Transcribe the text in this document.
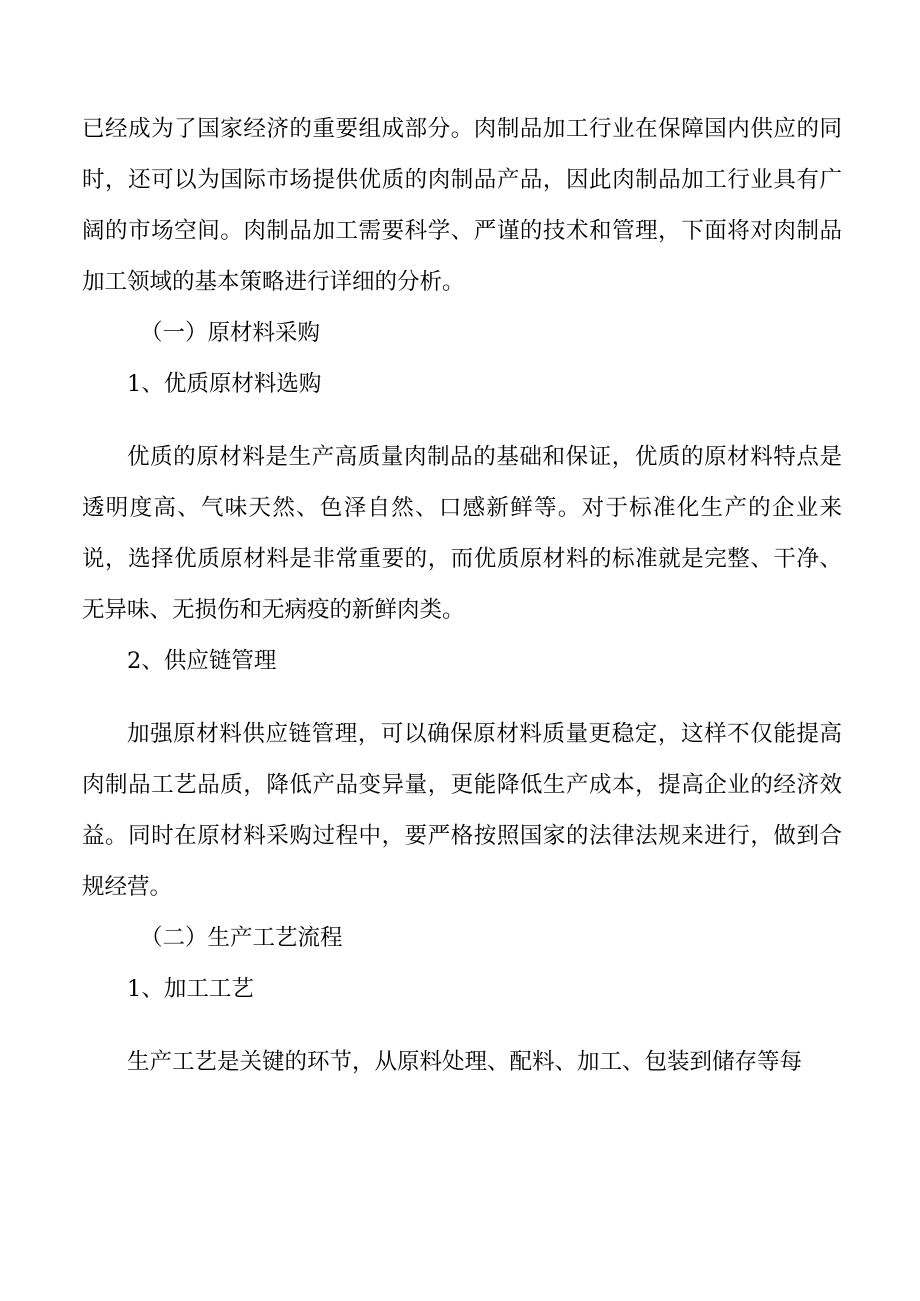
已经成为了国家经济的重要组成部分。肉制品加工行业在保障国内供应的同时，还可以为国际市场提供优质的肉制品产品，因此肉制品加工行业具有广阔的市场空间。肉制品加工需要科学、严谨的技术和管理，下面将对肉制品加工领域的基本策略进行详细的分析。

（一）原材料采购

1、优质原材料选购

优质的原材料是生产高质量肉制品的基础和保证，优质的原材料特点是透明度高、气味天然、色泽自然、口感新鲜等。对于标准化生产的企业来说，选择优质原材料是非常重要的，而优质原材料的标准就是完整、干净、无异味、无损伤和无病疫的新鲜肉类。

2、供应链管理

加强原材料供应链管理，可以确保原材料质量更稳定，这样不仅能提高肉制品工艺品质，降低产品变异量，更能降低生产成本，提高企业的经济效益。同时在原材料采购过程中，要严格按照国家的法律法规来进行，做到合规经营。

（二）生产工艺流程

1、加工工艺

生产工艺是关键的环节，从原料处理、配料、加工、包装到储存等每
